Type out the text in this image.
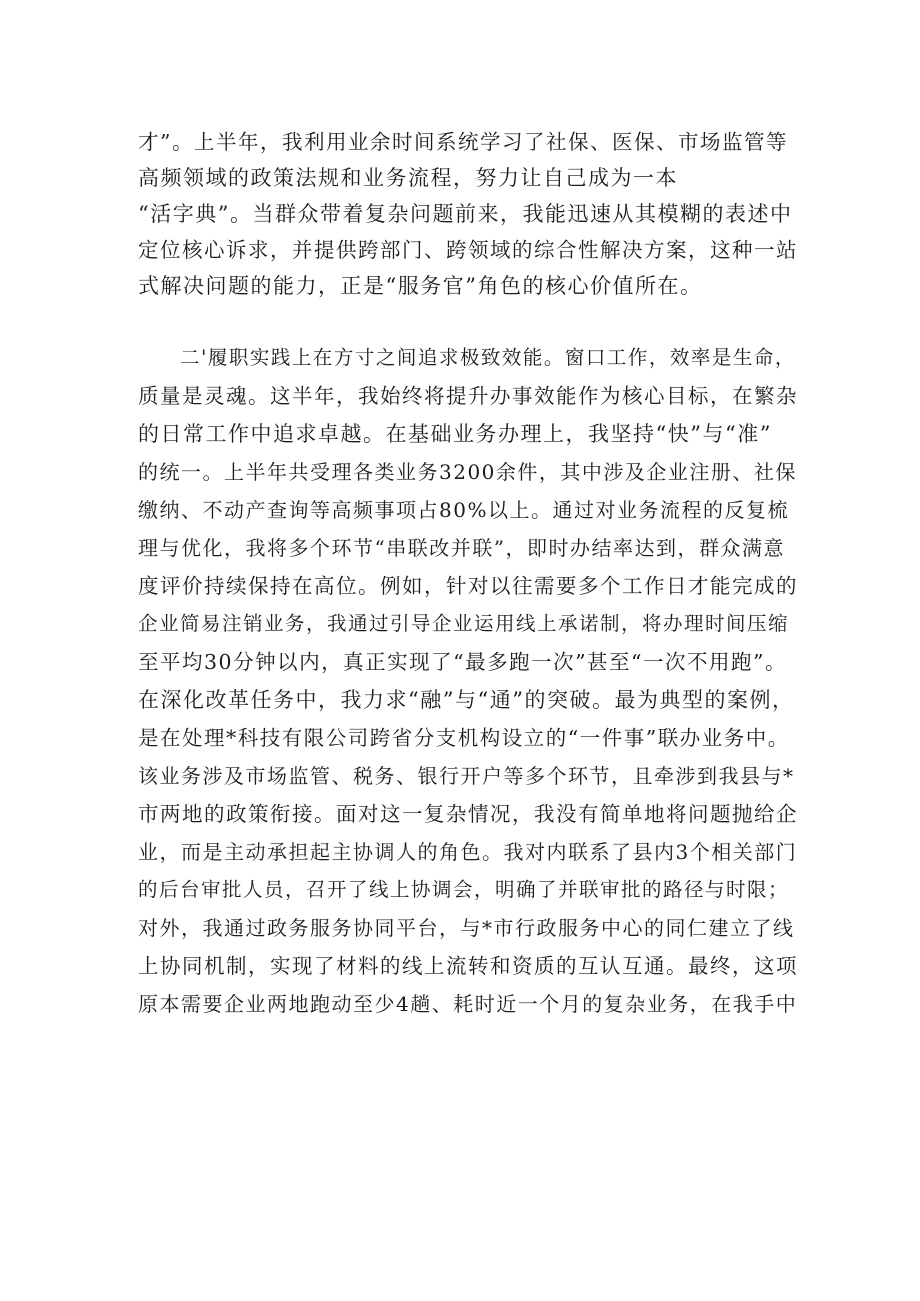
才”。上半年，我利用业余时间系统学习了社保、医保、市场监管等
高频领域的政策法规和业务流程，努力让自己成为一本
“活字典”。当群众带着复杂问题前来，我能迅速从其模糊的表述中
定位核心诉求，并提供跨部门、跨领域的综合性解决方案，这种一站
式解决问题的能力，正是“服务官”角色的核心价值所在。
二'履职实践上在方寸之间追求极致效能。窗口工作，效率是生命，
质量是灵魂。这半年，我始终将提升办事效能作为核心目标，在繁杂
的日常工作中追求卓越。在基础业务办理上，我坚持“快”与“准”
的统一。上半年共受理各类业务3200余件，其中涉及企业注册、社保
缴纳、不动产查询等高频事项占80%以上。通过对业务流程的反复梳
理与优化，我将多个环节“串联改并联”，即时办结率达到，群众满意
度评价持续保持在高位。例如，针对以往需要多个工作日才能完成的
企业简易注销业务，我通过引导企业运用线上承诺制，将办理时间压缩
至平均30分钟以内，真正实现了“最多跑一次”甚至“一次不用跑”。
在深化改革任务中，我力求“融”与“通”的突破。最为典型的案例，
是在处理*科技有限公司跨省分支机构设立的“一件事”联办业务中。
该业务涉及市场监管、税务、银行开户等多个环节，且牵涉到我县与*
市两地的政策衔接。面对这一复杂情况，我没有简单地将问题抛给企
业，而是主动承担起主协调人的角色。我对内联系了县内3个相关部门
的后台审批人员，召开了线上协调会，明确了并联审批的路径与时限；
对外，我通过政务服务协同平台，与*市行政服务中心的同仁建立了线
上协同机制，实现了材料的线上流转和资质的互认互通。最终，这项
原本需要企业两地跑动至少4趟、耗时近一个月的复杂业务，在我手中
